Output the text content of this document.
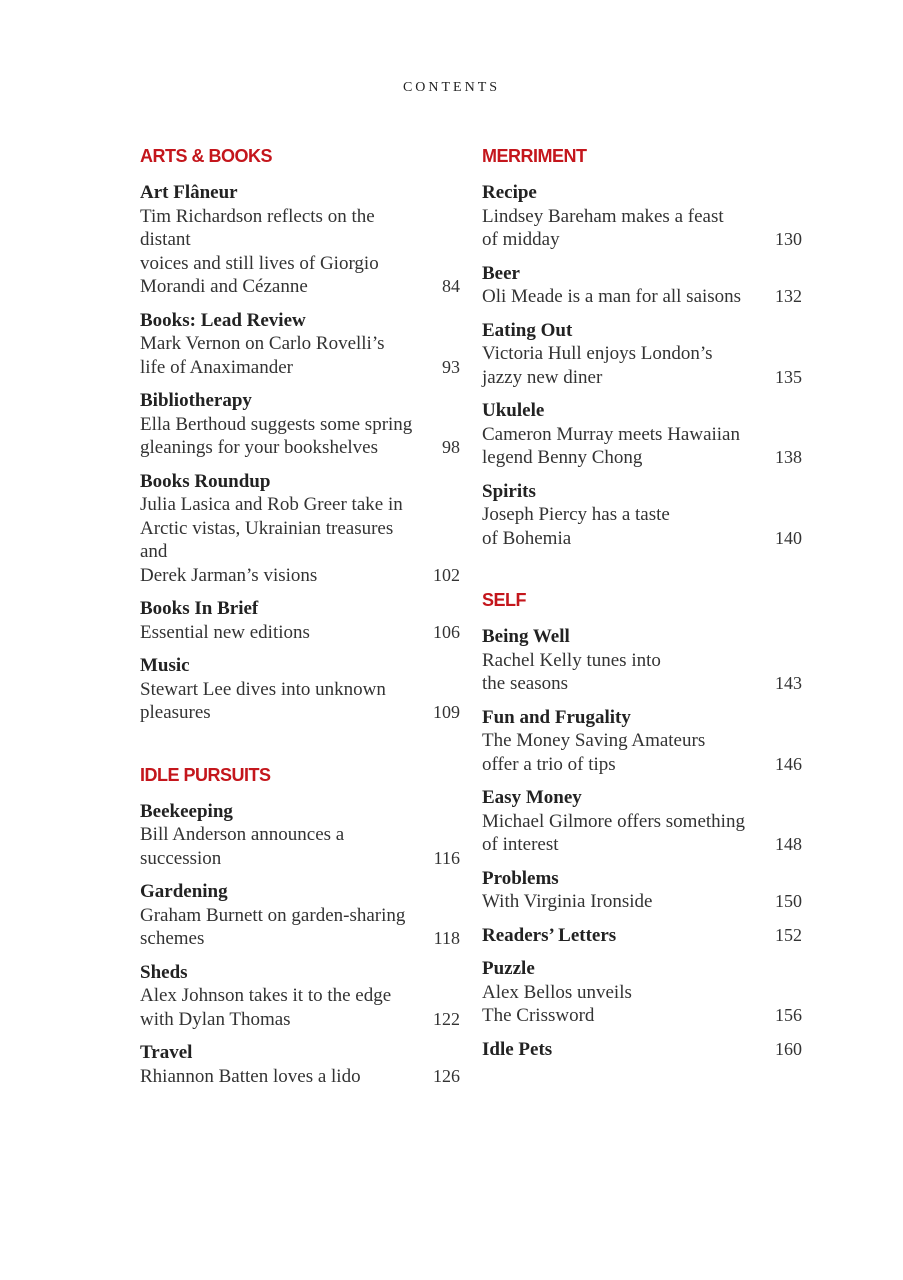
CONTENTS
ARTS & BOOKS
Art Flâneur
Tim Richardson reflects on the distant
voices and still lives of Giorgio
Morandi and Cézanne	84
Books: Lead Review
Mark Vernon on Carlo Rovelli’s
life of Anaximander	93
Bibliotherapy
Ella Berthoud suggests some spring
gleanings for your bookshelves	98
Books Roundup
Julia Lasica and Rob Greer take in
Arctic vistas, Ukrainian treasures and
Derek Jarman’s visions	102
Books In Brief
Essential new editions	106
Music
Stewart Lee dives into unknown
pleasures	109
IDLE PURSUITS
Beekeeping
Bill Anderson announces a
succession	116
Gardening
Graham Burnett on garden-sharing
schemes	118
Sheds
Alex Johnson takes it to the edge
with Dylan Thomas	122
Travel
Rhiannon Batten loves a lido	126
MERRIMENT
Recipe
Lindsey Bareham makes a feast
of midday	130
Beer
Oli Meade is a man for all saisons	132
Eating Out
Victoria Hull enjoys London’s
jazzy new diner	135
Ukulele
Cameron Murray meets Hawaiian
legend Benny Chong	138
Spirits
Joseph Piercy has a taste
of Bohemia	140
SELF
Being Well
Rachel Kelly tunes into
the seasons	143
Fun and Frugality
The Money Saving Amateurs
offer a trio of tips	146
Easy Money
Michael Gilmore offers something
of interest	148
Problems
With Virginia Ironside	150
Readers’ Letters	152
Puzzle
Alex Bellos unveils
The Crissword	156
Idle Pets	160
